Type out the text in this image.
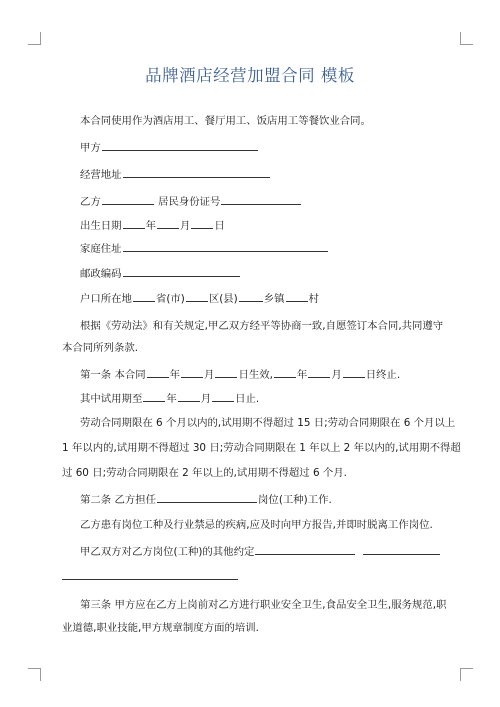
品牌酒店经营加盟合同 模板
本合同使用作为酒店用工、餐厅用工、饭店用工等餐饮业合同。
甲方
经营地址
乙方	居民身份证号
出生日期 年 月 日
家庭住址
邮政编码
户口所在地 省(市) 区(县)	乡镇 村
根据《劳动法》和有关规定,甲乙双方经平等协商一致,自愿签订本合同,共同遵守
本合同所列条款.
第一条 本合同 年 月 日生效, 年 月 日终止.
其中试用期至 年 月 日止.
劳动合同期限在 6 个月以内的,试用期不得超过 15 日;劳动合同期限在 6 个月以上
1 年以内的,试用期不得超过 30 日;劳动合同期限在 1 年以上 2 年以内的,试用期不得超
过 60 日;劳动合同期限在 2 年以上的,试用期不得超过 6 个月.
第二条 乙方担任	岗位(工种)工作.
乙方患有岗位工种及行业禁忌的疾病,应及时向甲方报告,并即时脱离工作岗位.
甲乙双方对乙方岗位(工种)的其他约定
第三条 甲方应在乙方上岗前对乙方进行职业安全卫生,食品安全卫生,服务规范,职
业道德,职业技能,甲方规章制度方面的培训.
